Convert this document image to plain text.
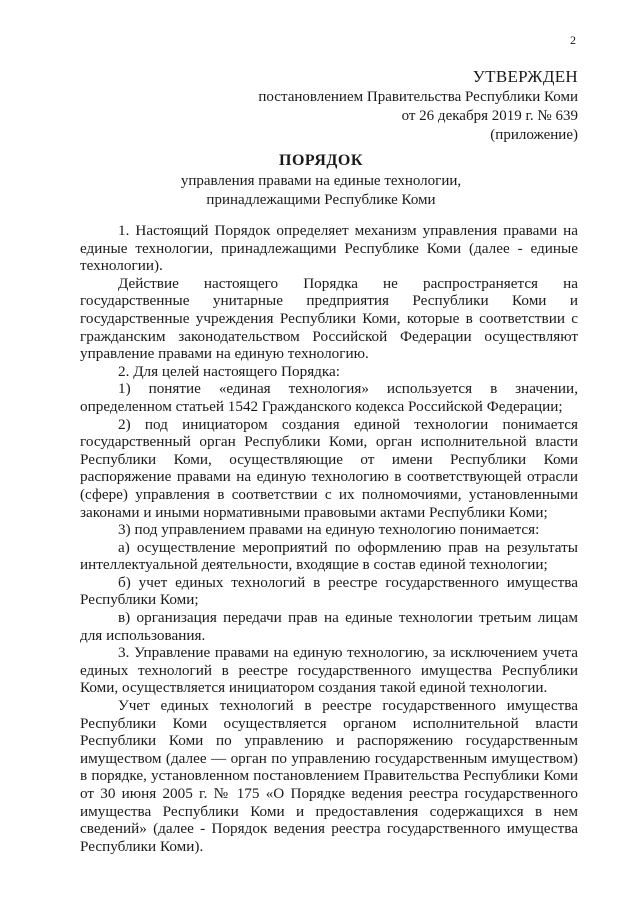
2
УТВЕРЖДЕН
постановлением Правительства Республики Коми
от 26 декабря 2019 г. № 639
(приложение)
ПОРЯДОК
управления правами на единые технологии,
принадлежащими Республике Коми

1. Настоящий Порядок определяет механизм управления правами на единые технологии, принадлежащими Республике Коми (далее - единые технологии).

Действие настоящего Порядка не распространяется на государственные унитарные предприятия Республики Коми и государственные учреждения Республики Коми, которые в соответствии с гражданским законодательством Российской Федерации осуществляют управление правами на единую технологию.

2. Для целей настоящего Порядка:

1) понятие «единая технология» используется в значении, определенном статьей 1542 Гражданского кодекса Российской Федерации;

2) под инициатором создания единой технологии понимается государственный орган Республики Коми, орган исполнительной власти Республики Коми, осуществляющие от имени Республики Коми распоряжение правами на единую технологию в соответствующей отрасли (сфере) управления в соответствии с их полномочиями, установленными законами и иными нормативными правовыми актами Республики Коми;

3) под управлением правами на единую технологию понимается:

а) осуществление мероприятий по оформлению прав на результаты интеллектуальной деятельности, входящие в состав единой технологии;

б) учет единых технологий в реестре государственного имущества Республики Коми;

в) организация передачи прав на единые технологии третьим лицам для использования.

3. Управление правами на единую технологию, за исключением учета единых технологий в реестре государственного имущества Республики Коми, осуществляется инициатором создания такой единой технологии.

Учет единых технологий в реестре государственного имущества Республики Коми осуществляется органом исполнительной власти Республики Коми по управлению и распоряжению государственным имуществом (далее — орган по управлению государственным имуществом) в порядке, установленном постановлением Правительства Республики Коми от 30 июня 2005 г. № 175 «О Порядке ведения реестра государственного имущества Республики Коми и предоставления содержащихся в нем сведений» (далее - Порядок ведения реестра государственного имущества Республики Коми).
